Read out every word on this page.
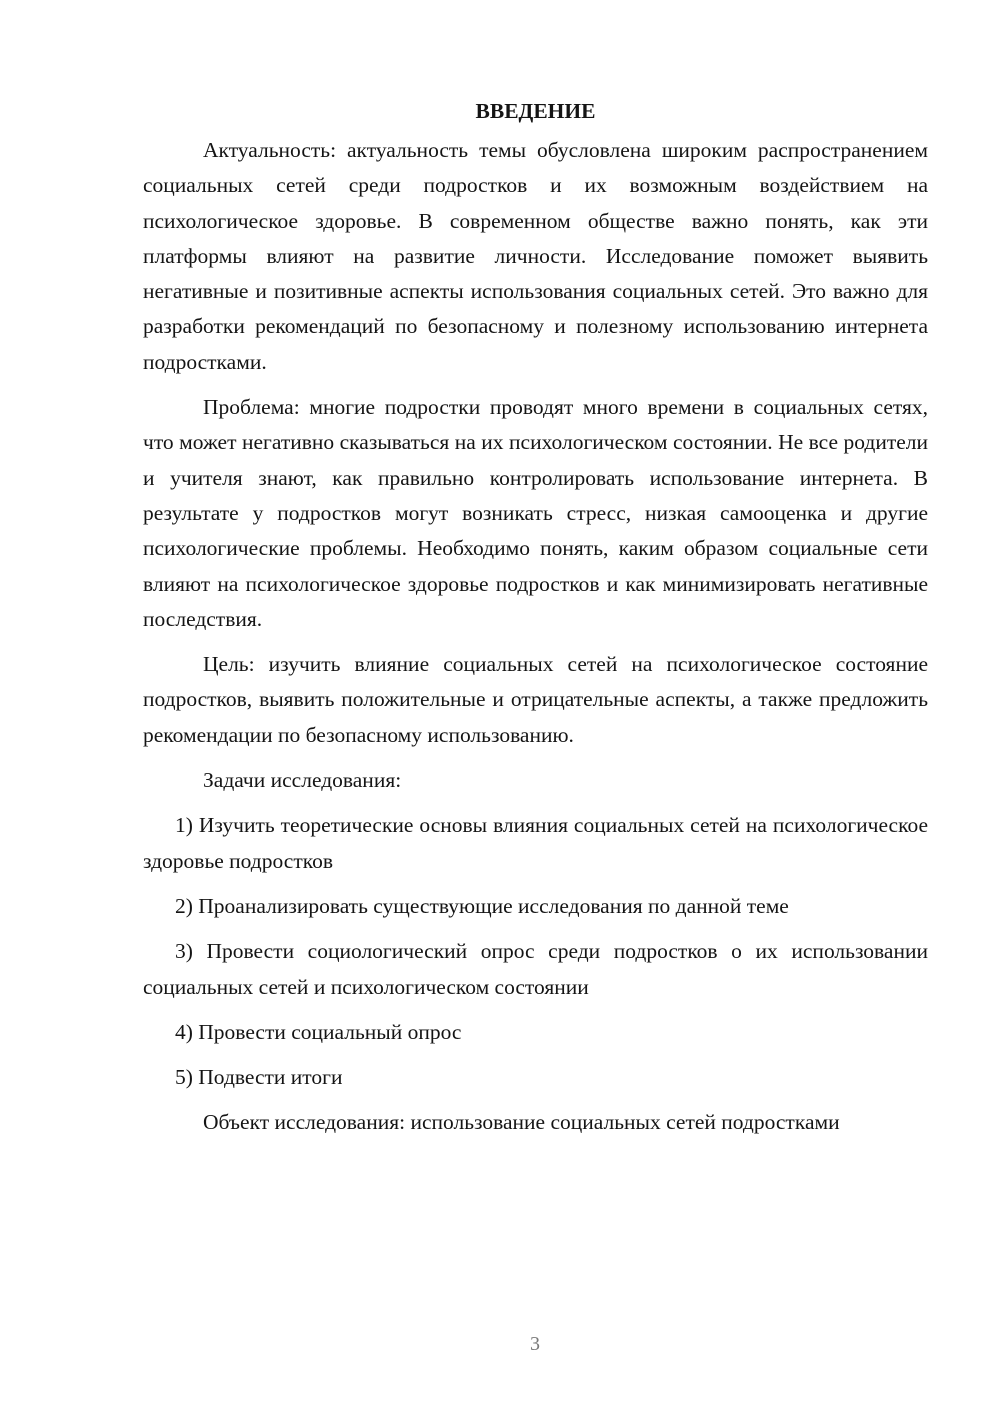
ВВЕДЕНИЕ

Актуальность: актуальность темы обусловлена широким распространением социальных сетей среди подростков и их возможным воздействием на психологическое здоровье. В современном обществе важно понять, как эти платформы влияют на развитие личности. Исследование поможет выявить негативные и позитивные аспекты использования социальных сетей. Это важно для разработки рекомендаций по безопасному и полезному использованию интернета подростками.

Проблема: многие подростки проводят много времени в социальных сетях, что может негативно сказываться на их психологическом состоянии. Не все родители и учителя знают, как правильно контролировать использование интернета. В результате у подростков могут возникать стресс, низкая самооценка и другие психологические проблемы. Необходимо понять, каким образом социальные сети влияют на психологическое здоровье подростков и как минимизировать негативные последствия.

Цель: изучить влияние социальных сетей на психологическое состояние подростков, выявить положительные и отрицательные аспекты, а также предложить рекомендации по безопасному использованию.

Задачи исследования:

1) Изучить теоретические основы влияния социальных сетей на психологическое здоровье подростков

2) Проанализировать существующие исследования по данной теме

3) Провести социологический опрос среди подростков о их использовании социальных сетей и психологическом состоянии

4) Провести социальный опрос

5) Подвести итоги

Объект исследования: использование социальных сетей подростками

3
